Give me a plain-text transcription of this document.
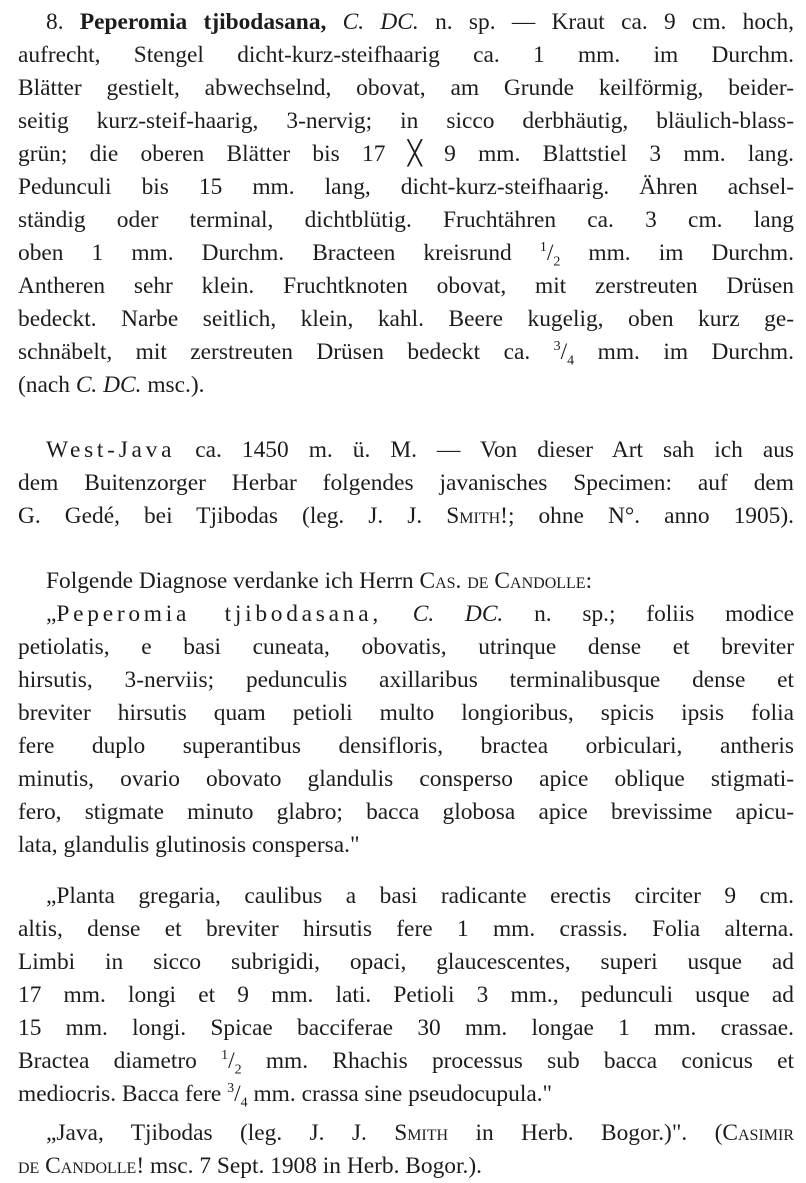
8. Peperomia tjibodasana, C. DC. n. sp. — Kraut ca. 9 cm. hoch,
aufrecht, Stengel dicht-kurz-steifhaarig ca. 1 mm. im Durchm.
Blätter gestielt, abwechselnd, obovat, am Grunde keilförmig, beider-
seitig kurz-steif-haarig, 3-nervig; in sicco derbhäutig, bläulich-blass-
grün; die oberen Blätter bis 17 ╳ 9 mm. Blattstiel 3 mm. lang.
Pedunculi bis 15 mm. lang, dicht-kurz-steifhaarig. Ähren achsel-
ständig oder terminal, dichtblütig. Fruchtähren ca. 3 cm. lang
oben 1 mm. Durchm. Bracteen kreisrund $^1/_2$ mm. im Durchm.
Antheren sehr klein. Fruchtknoten obovat, mit zerstreuten Drüsen
bedeckt. Narbe seitlich, klein, kahl. Beere kugelig, oben kurz ge-
schnäbelt, mit zerstreuten Drüsen bedeckt ca. $^3/_4$ mm. im Durchm.
(nach C. DC. msc.).
West-Java ca. 1450 m. ü. M. — Von dieser Art sah ich aus
dem Buitenzorger Herbar folgendes javanisches Specimen: auf dem
G. Gedé, bei Tjibodas (leg. J. J. Smith!; ohne N°. anno 1905).
Folgende Diagnose verdanke ich Herrn Cas. de Candolle:
„Peperomia tjibodasana, C. DC. n. sp.; foliis modice
petiolatis, e basi cuneata, obovatis, utrinque dense et breviter
hirsutis, 3-nerviis; pedunculis axillaribus terminalibusque dense et
breviter hirsutis quam petioli multo longioribus, spicis ipsis folia
fere duplo superantibus densifloris, bractea orbiculari, antheris
minutis, ovario obovato glandulis consperso apice oblique stigmati-
fero, stigmate minuto glabro; bacca globosa apice brevissime apicu-
lata, glandulis glutinosis conspersa."
„Planta gregaria, caulibus a basi radicante erectis circiter 9 cm.
altis, dense et breviter hirsutis fere 1 mm. crassis. Folia alterna.
Limbi in sicco subrigidi, opaci, glaucescentes, superi usque ad
17 mm. longi et 9 mm. lati. Petioli 3 mm., pedunculi usque ad
15 mm. longi. Spicae bacciferae 30 mm. longae 1 mm. crassae.
Bractea diametro $^1/_2$ mm. Rhachis processus sub bacca conicus et
mediocris. Bacca fere $^3/_4$ mm. crassa sine pseudocupula."
„Java, Tjibodas (leg. J. J. Smith in Herb. Bogor.)". (Casimir
de Candolle! msc. 7 Sept. 1908 in Herb. Bogor.).
